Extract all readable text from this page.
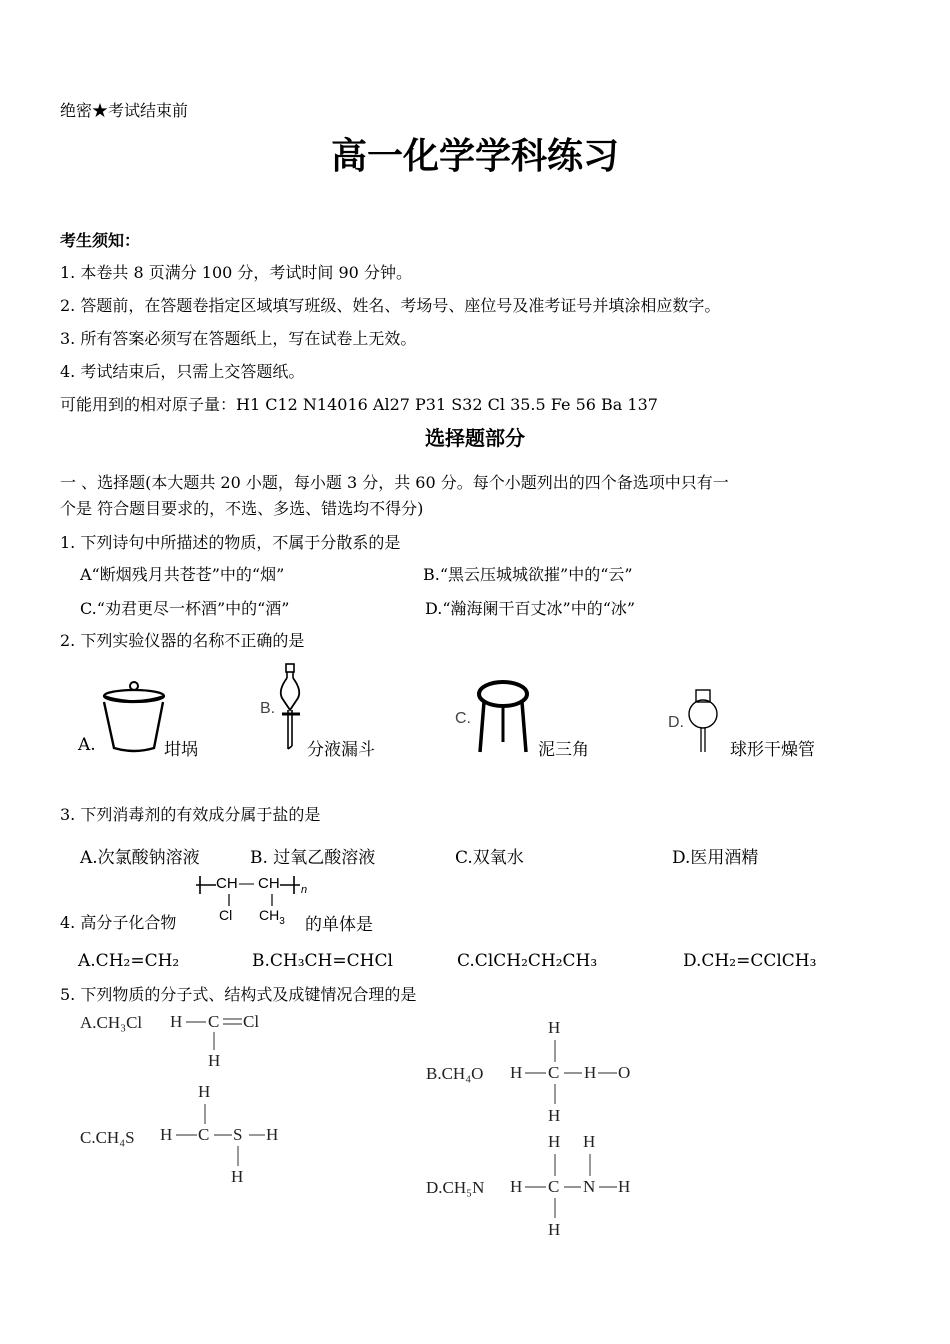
绝密★考试结束前
高一化学学科练习
考生须知：
1. 本卷共 8 页满分 100 分，考试时间 90 分钟。
2. 答题前，在答题卷指定区域填写班级、姓名、考场号、座位号及准考证号并填涂相应数字。
3. 所有答案必须写在答题纸上，写在试卷上无效。
4. 考试结束后，只需上交答题纸。
可能用到的相对原子量：H1 C12 N14016 Al27 P31 S32 Cl 35.5 Fe 56 Ba 137
选择题部分
一 、选择题(本大题共 20 小题，每小题 3 分，共 60 分。每个小题列出的四个备选项中只有一
个是 符合题目要求的，不选、多选、错选均不得分)
1. 下列诗句中所描述的物质，不属于分散系的是
A“断烟残月共苍苍”中的“烟”	B.“黑云压城城欲摧”中的“云”
C.“劝君更尽一杯酒”中的“酒”	D.“瀚海阑干百丈冰”中的“冰”
2. 下列实验仪器的名称不正确的是
A.	坩埚
B.
分液漏斗
C.
泥三角
D.
球形干燥管
3. 下列消毒剂的有效成分属于盐的是
A.次氯酸钠溶液	B. 过氧乙酸溶液	C.双氧水	D.医用酒精
4. 高分子化合物
CH — CH n
Cl $CH_3$ 的单体是
A.CH₂=CH₂	B.CH₃CH=CHCl	C.ClCH₂CH₂CH₃	D.CH₂=CClCH₃
5. 下列物质的分子式、结构式及成键情况合理的是
A.CH₃Cl H C Cl
H
B.CH₄O
H
H C H O
H
C.CH₄S
H
H C S H
H
D.CH₅N
H H
H C N H
H
